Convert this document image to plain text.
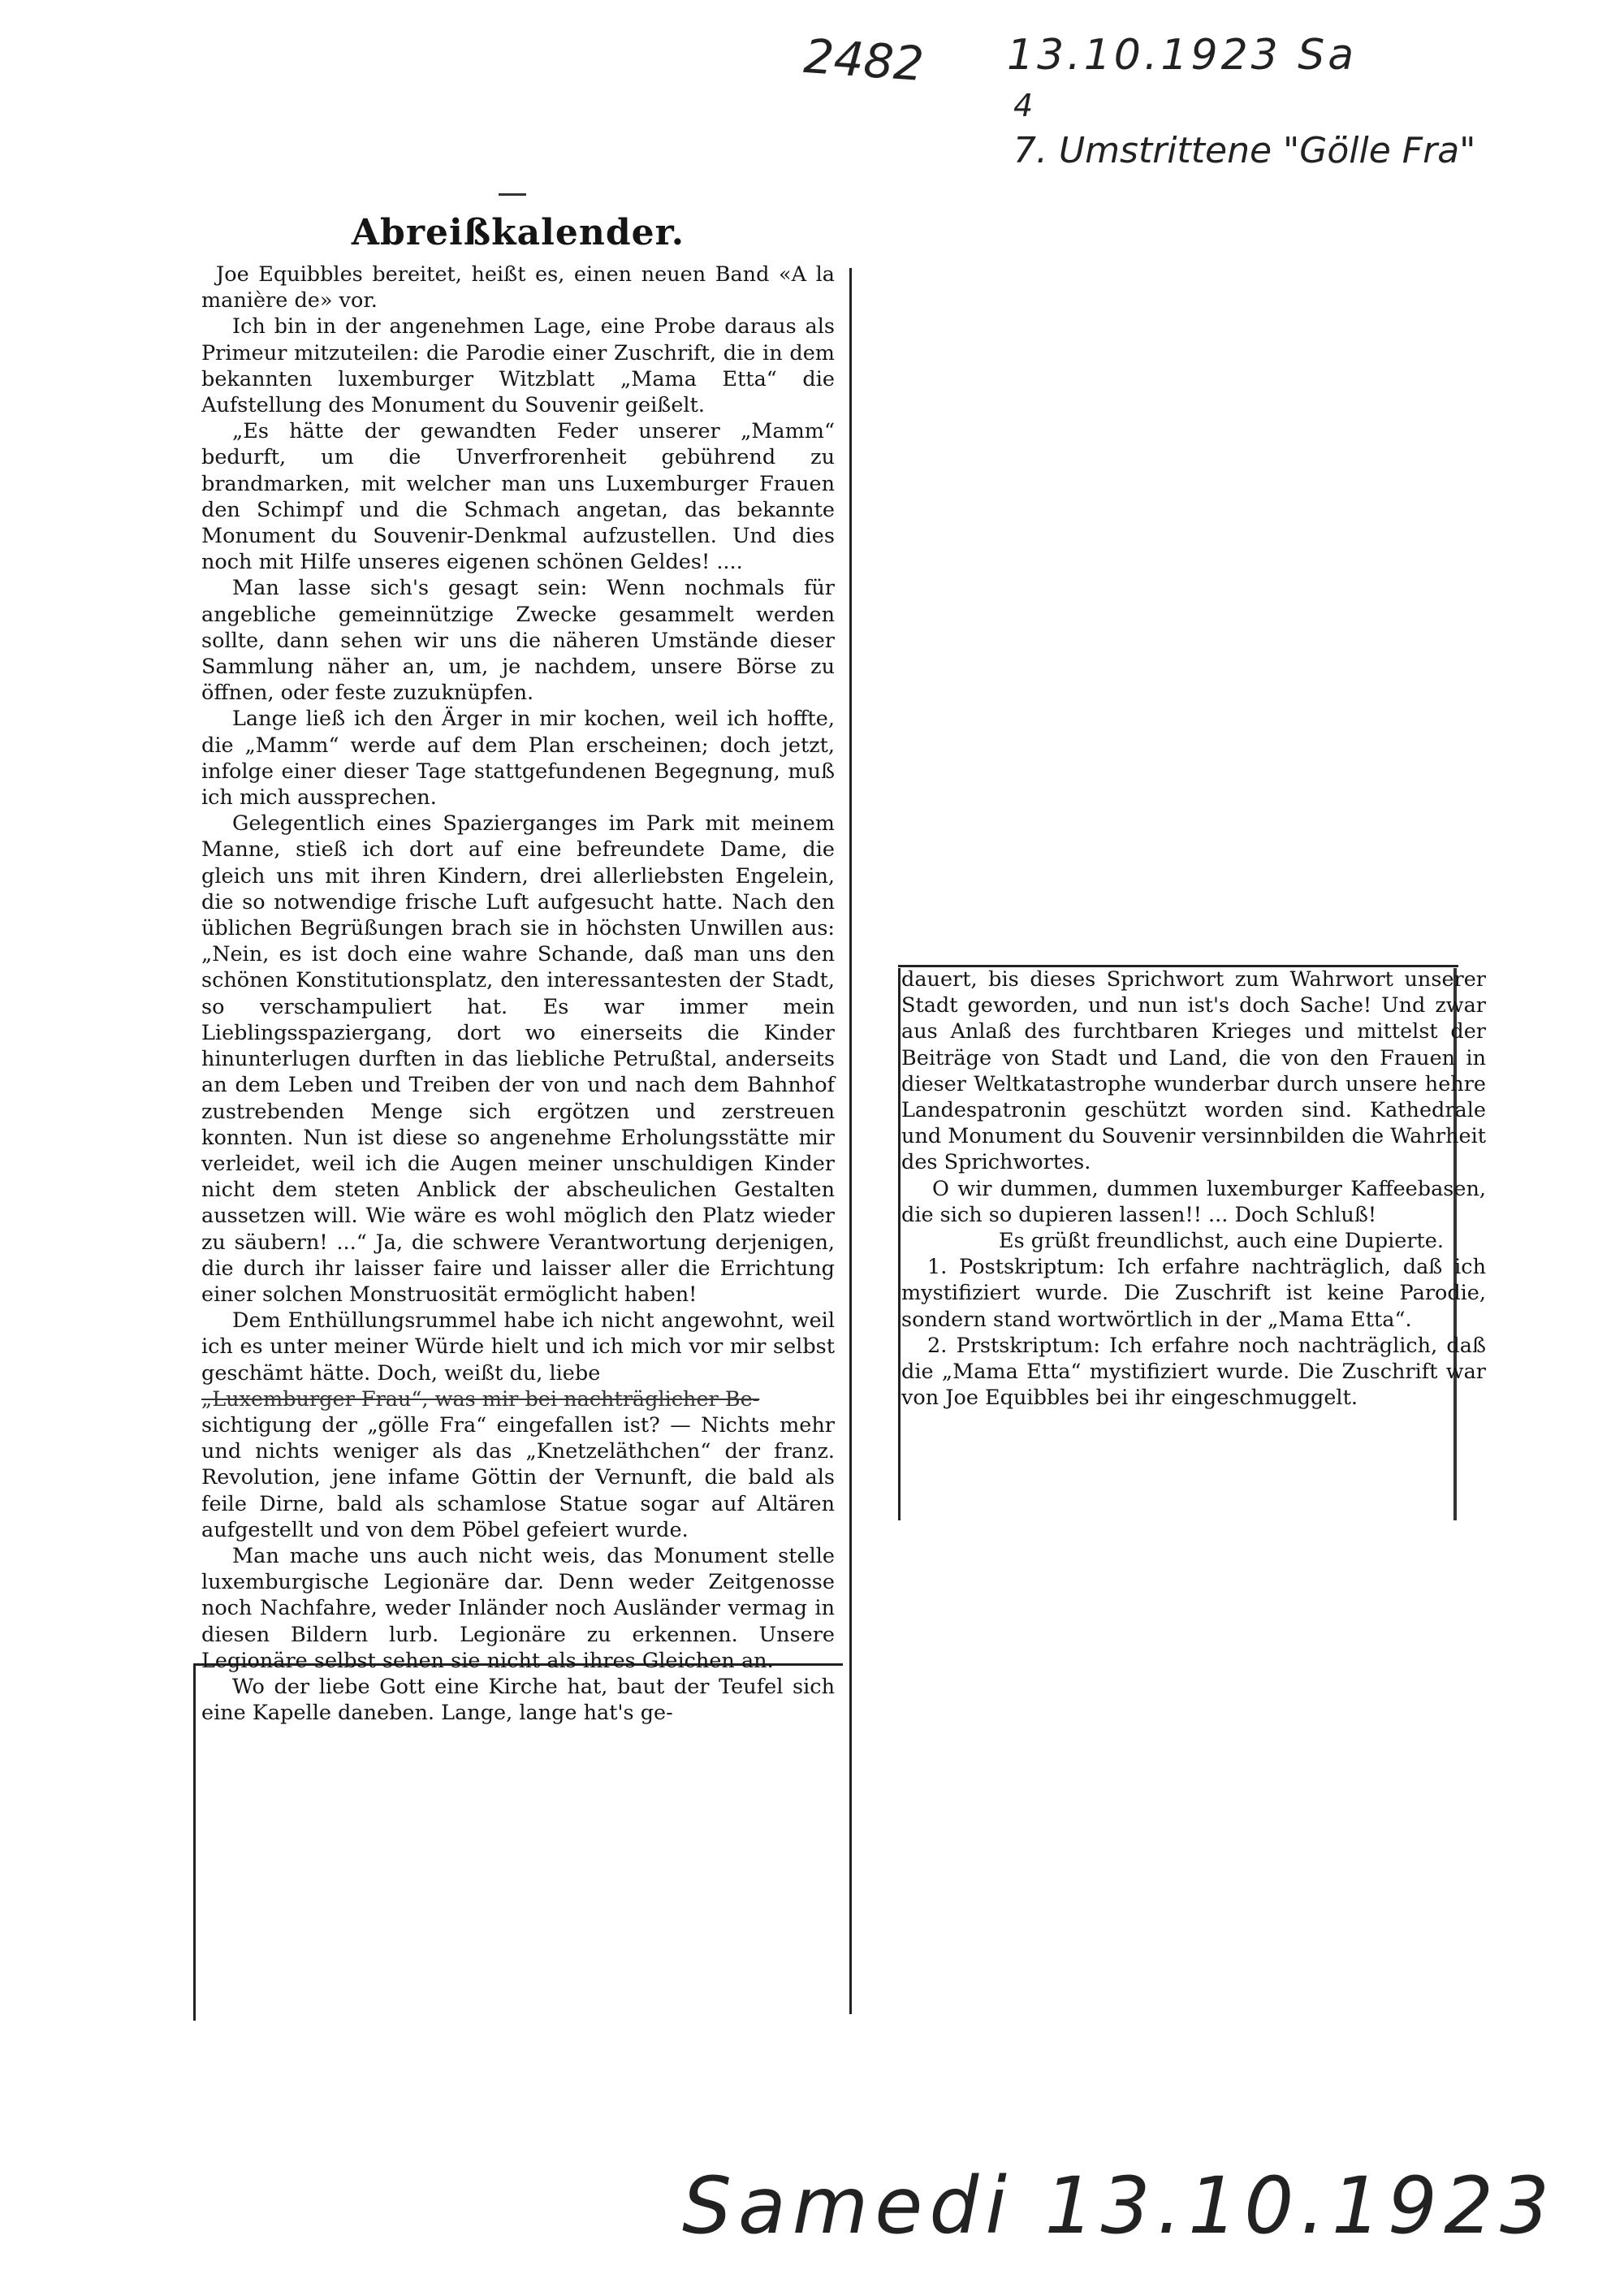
2482 13.10.1923 Sa
4
7. Umstrittene "Gölle Fra"
Samedi 13.10.1923
Abreißkalender.

Joe Equibbles bereitet, heißt es, einen neuen Band «A la manière de» vor.

Ich bin in der angenehmen Lage, eine Probe daraus als Primeur mitzuteilen: die Parodie einer Zuschrift, die in dem bekannten luxemburger Witzblatt „Mama Etta“ die Aufstellung des Monument du Souvenir geißelt.

„Es hätte der gewandten Feder unserer „Mamm“ bedurft, um die Unverfrorenheit gebührend zu brandmarken, mit welcher man uns Luxemburger Frauen den Schimpf und die Schmach angetan, das bekannte Monument du Souvenir-Denkmal aufzustellen. Und dies noch mit Hilfe unseres eigenen schönen Geldes! ....

Man lasse sich's gesagt sein: Wenn nochmals für angebliche gemeinnützige Zwecke gesammelt werden sollte, dann sehen wir uns die näheren Umstände dieser Sammlung näher an, um, je nachdem, unsere Börse zu öffnen, oder feste zuzuknüpfen.

Lange ließ ich den Ärger in mir kochen, weil ich hoffte, die „Mamm“ werde auf dem Plan erscheinen; doch jetzt, infolge einer dieser Tage stattgefundenen Begegnung, muß ich mich aussprechen.

Gelegentlich eines Spazierganges im Park mit meinem Manne, stieß ich dort auf eine befreundete Dame, die gleich uns mit ihren Kindern, drei allerliebsten Engelein, die so notwendige frische Luft aufgesucht hatte. Nach den üblichen Begrüßungen brach sie in höchsten Unwillen aus: „Nein, es ist doch eine wahre Schande, daß man uns den schönen Konstitutionsplatz, den interessantesten der Stadt, so verschampuliert hat. Es war immer mein Lieblingsspaziergang, dort wo einerseits die Kinder hinunterlugen durften in das liebliche Petrußtal, anderseits an dem Leben und Treiben der von und nach dem Bahnhof zustrebenden Menge sich ergötzen und zerstreuen konnten. Nun ist diese so angenehme Erholungsstätte mir verleidet, weil ich die Augen meiner unschuldigen Kinder nicht dem steten Anblick der abscheulichen Gestalten aussetzen will. Wie wäre es wohl möglich den Platz wieder zu säubern! ...“ Ja, die schwere Verantwortung derjenigen, die durch ihr laisser faire und laisser aller die Errichtung einer solchen Monstruosität ermöglicht haben!

Dem Enthüllungsrummel habe ich nicht angewohnt, weil ich es unter meiner Würde hielt und ich mich vor mir selbst geschämt hätte. Doch, weißt du, liebe

„Luxemburger Frau“, was mir bei nachträglicher Be-

sichtigung der „gölle Fra“ eingefallen ist? — Nichts mehr und nichts weniger als das „Knetzeläthchen“ der franz. Revolution, jene infame Göttin der Vernunft, die bald als feile Dirne, bald als schamlose Statue sogar auf Altären aufgestellt und von dem Pöbel gefeiert wurde.

Man mache uns auch nicht weis, das Monument stelle luxemburgische Legionäre dar. Denn weder Zeitgenosse noch Nachfahre, weder Inländer noch Ausländer vermag in diesen Bildern lurb. Legionäre zu erkennen. Unsere Legionäre selbst sehen sie nicht als ihres Gleichen an.

Wo der liebe Gott eine Kirche hat, baut der Teufel sich eine Kapelle daneben. Lange, lange hat's ge-

dauert, bis dieses Sprichwort zum Wahrwort unserer Stadt geworden, und nun ist's doch Sache! Und zwar aus Anlaß des furchtbaren Krieges und mittelst der Beiträge von Stadt und Land, die von den Frauen in dieser Weltkatastrophe wunderbar durch unsere hehre Landespatronin geschützt worden sind. Kathedrale und Monument du Souvenir versinnbilden die Wahrheit des Sprichwortes.

O wir dummen, dummen luxemburger Kaffeebasen, die sich so dupieren lassen!! ... Doch Schluß!

Es grüßt freundlichst, auch eine Dupierte.

1. Postskriptum: Ich erfahre nachträglich, daß ich mystifiziert wurde. Die Zuschrift ist keine Parodie, sondern stand wortwörtlich in der „Mama Etta“.

2. Prstskriptum: Ich erfahre noch nachträglich, daß die „Mama Etta“ mystifiziert wurde. Die Zuschrift war von Joe Equibbles bei ihr eingeschmuggelt.
